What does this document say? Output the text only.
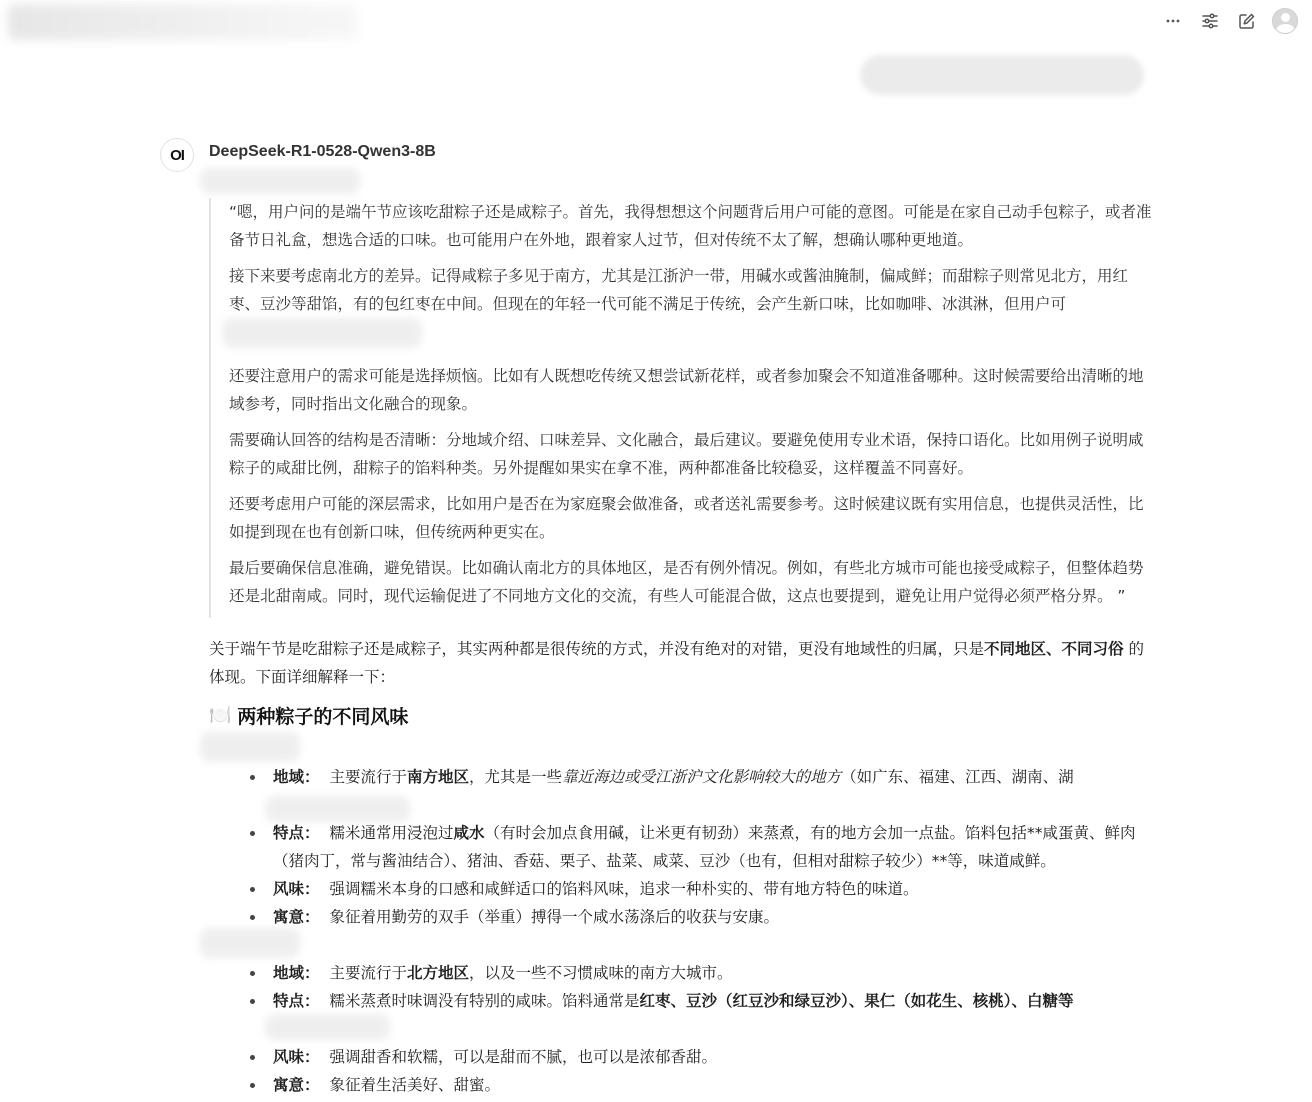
OI DeepSeek-R1-0528-Qwen3-8B

“嗯，用户问的是端午节应该吃甜粽子还是咸粽子。首先，我得想想这个问题背后用户可能的意图。可能是在家自己动手包粽子，或者准备节日礼盒，想选合适的口味。也可能用户在外地，跟着家人过节，但对传统不太了解，想确认哪种更地道。

接下来要考虑南北方的差异。记得咸粽子多见于南方，尤其是江浙沪一带，用碱水或酱油腌制，偏咸鲜；而甜粽子则常见北方，用红枣、豆沙等甜馅，有的包红枣在中间。但现在的年轻一代可能不满足于传统，会产生新口味，比如咖啡、冰淇淋，但用户可

还要注意用户的需求可能是选择烦恼。比如有人既想吃传统又想尝试新花样，或者参加聚会不知道准备哪种。这时候需要给出清晰的地域参考，同时指出文化融合的现象。

需要确认回答的结构是否清晰：分地域介绍、口味差异、文化融合，最后建议。要避免使用专业术语，保持口语化。比如用例子说明咸粽子的咸甜比例，甜粽子的馅料种类。另外提醒如果实在拿不准，两种都准备比较稳妥，这样覆盖不同喜好。

还要考虑用户可能的深层需求，比如用户是否在为家庭聚会做准备，或者送礼需要参考。这时候建议既有实用信息，也提供灵活性，比如提到现在也有创新口味，但传统两种更实在。

最后要确保信息准确，避免错误。比如确认南北方的具体地区，是否有例外情况。例如，有些北方城市可能也接受咸粽子，但整体趋势还是北甜南咸。同时，现代运输促进了不同地方文化的交流，有些人可能混合做，这点也要提到，避免让用户觉得必须严格分界。 ”

关于端午节是吃甜粽子还是咸粽子，其实两种都是很传统的方式，并没有绝对的对错，更没有地域性的归属，只是不同地区、不同习俗 的体现。下面详细解释一下：
🍽️ 两种粽子的不同风味
地域： 主要流行于南方地区，尤其是一些靠近海边或受江浙沪文化影响较大的地方（如广东、福建、江西、湖南、湖
特点： 糯米通常用浸泡过咸水（有时会加点食用碱，让米更有韧劲）来蒸煮，有的地方会加一点盐。馅料包括**咸蛋黄、鲜肉（猪肉丁，常与酱油结合）、猪油、香菇、栗子、盐菜、咸菜、豆沙（也有，但相对甜粽子较少）**等，味道咸鲜。
风味： 强调糯米本身的口感和咸鲜适口的馅料风味，追求一种朴实的、带有地方特色的味道。
寓意： 象征着用勤劳的双手（举重）搏得一个咸水荡涤后的收获与安康。
地域： 主要流行于北方地区，以及一些不习惯咸味的南方大城市。
特点： 糯米蒸煮时味调没有特别的咸味。馅料通常是红枣、豆沙（红豆沙和绿豆沙）、果仁（如花生、核桃）、白糖等
风味： 强调甜香和软糯，可以是甜而不腻，也可以是浓郁香甜。
寓意： 象征着生活美好、甜蜜。
